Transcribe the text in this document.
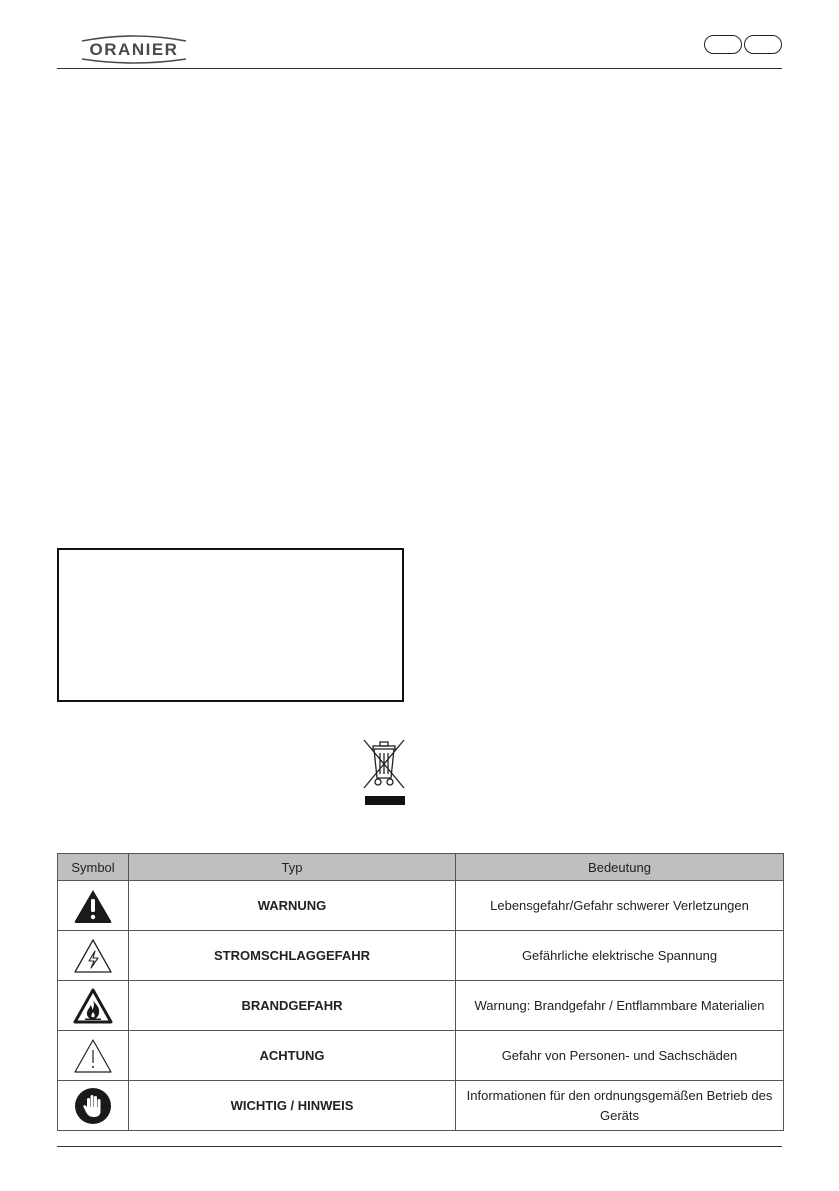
ORANIER
Symbol	Typ	Bedeutung

	WARNUNG	Lebensgefahr/Gefahr schwerer Verletzungen

	STROMSCHLAGGEFAHR	Gefährliche elektrische Spannung

	BRANDGEFAHR	Warnung: Brandgefahr / Entflammbare Materialien

	ACHTUNG	Gefahr von Personen- und Sachschäden

	WICHTIG / HINWEIS	Informationen für den ordnungsgemäßen Betrieb des Geräts
